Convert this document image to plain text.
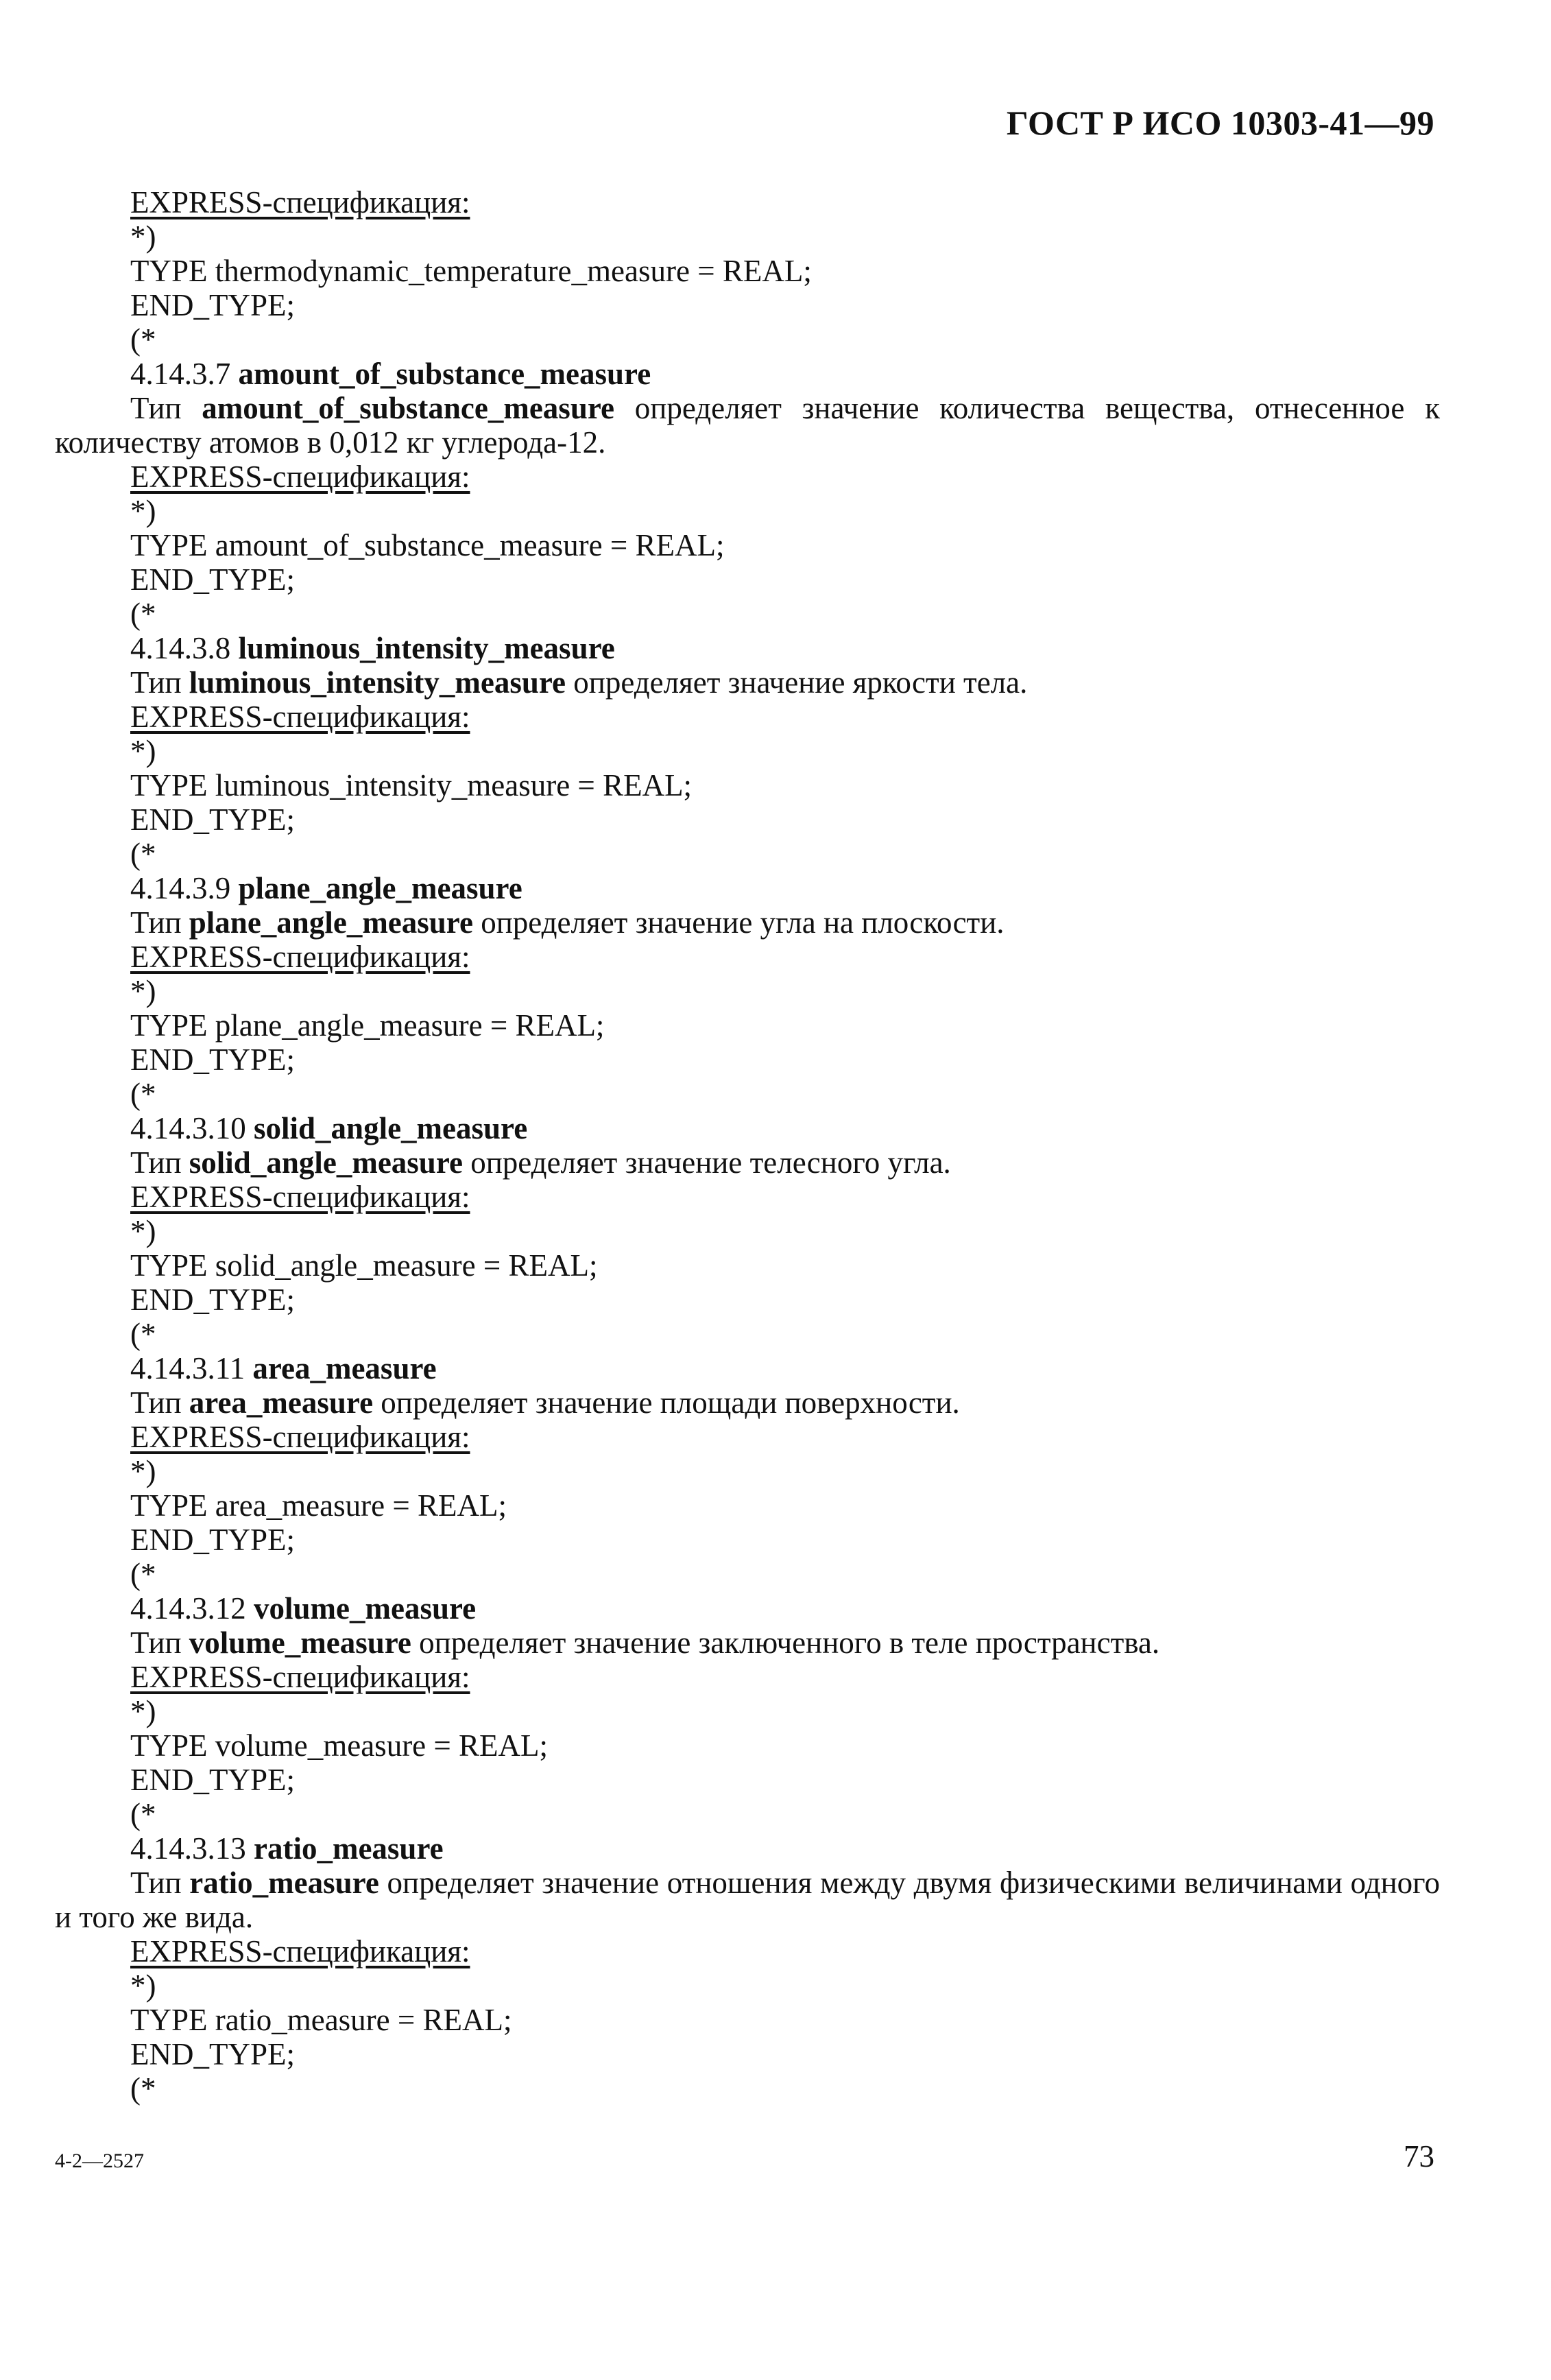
ГОСТ Р ИСО 10303-41—99
EXPRESS-спецификация:
*)
TYPE thermodynamic_temperature_measure = REAL;
END_TYPE;
(*
4.14.3.7 amount_of_substance_measure
Тип amount_of_substance_measure определяет значение количества вещества, отнесенное к количеству атомов в 0,012 кг углерода-12.
EXPRESS-спецификация:
*)
TYPE amount_of_substance_measure = REAL;
END_TYPE;
(*
4.14.3.8 luminous_intensity_measure
Тип luminous_intensity_measure определяет значение яркости тела.
EXPRESS-спецификация:
*)
TYPE luminous_intensity_measure = REAL;
END_TYPE;
(*
4.14.3.9 plane_angle_measure
Тип plane_angle_measure определяет значение угла на плоскости.
EXPRESS-спецификация:
*)
TYPE plane_angle_measure = REAL;
END_TYPE;
(*
4.14.3.10 solid_angle_measure
Тип solid_angle_measure определяет значение телесного угла.
EXPRESS-спецификация:
*)
TYPE solid_angle_measure = REAL;
END_TYPE;
(*
4.14.3.11 area_measure
Тип area_measure определяет значение площади поверхности.
EXPRESS-спецификация:
*)
TYPE area_measure = REAL;
END_TYPE;
(*
4.14.3.12 volume_measure
Тип volume_measure определяет значение заключенного в теле пространства.
EXPRESS-спецификация:
*)
TYPE volume_measure = REAL;
END_TYPE;
(*
4.14.3.13 ratio_measure
Тип ratio_measure определяет значение отношения между двумя физическими величинами одного и того же вида.
EXPRESS-спецификация:
*)
TYPE ratio_measure = REAL;
END_TYPE;
(*
4-2—2527	73
